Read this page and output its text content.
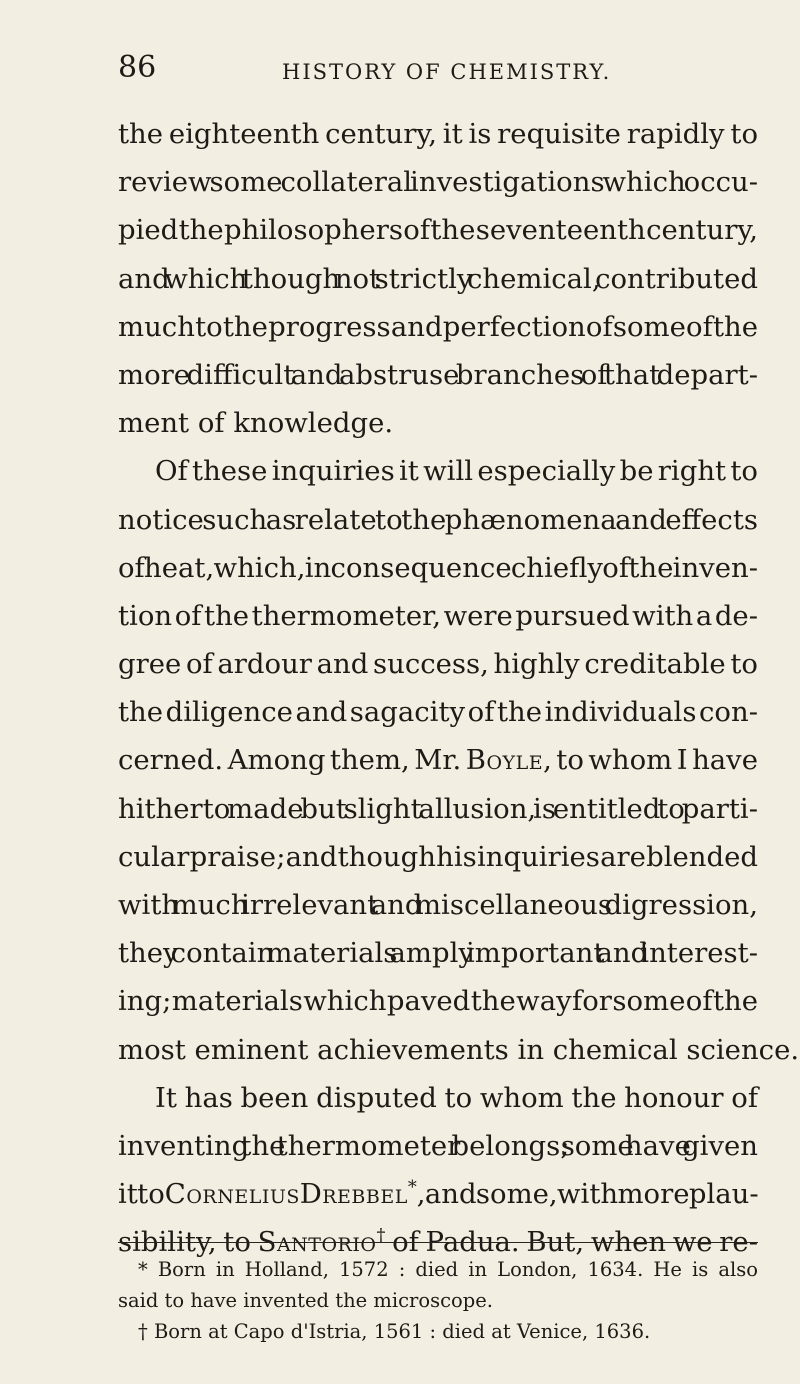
86	HISTORY OF CHEMISTRY.
the eighteenth century, it is requisite rapidly to
review some collateral investigations which occu-
pied the philosophers of the seventeenth century,
and which though not strictly chemical, contributed
much to the progress and perfection of some of the
more difficult and abstruse branches of that depart-
ment of knowledge.
Of these inquiries it will especially be right to
notice such as relate to the phænomena and effects
of heat, which, in consequence chiefly of the inven-
tion of the thermometer, were pursued with a de-
gree of ardour and success, highly creditable to
the diligence and sagacity of the individuals con-
cerned. Among them, Mr. Boyle, to whom I have
hitherto made but slight allusion, is entitled to parti-
cular praise ; and though his inquiries are blended
with much irrelevant and miscellaneous digression,
they contain materials amply important and interest-
ing; materials which paved the way for some of the
most eminent achievements in chemical science.
It has been disputed to whom the honour of
inventing the thermometer belongs; some have given
it to Cornelius Drebbel*, and some, with more plau-
sibility, to Santorio† of Padua. But, when we re-
* Born in Holland, 1572 : died in London, 1634. He is also
said to have invented the microscope.
† Born at Capo d'Istria, 1561 : died at Venice, 1636.
